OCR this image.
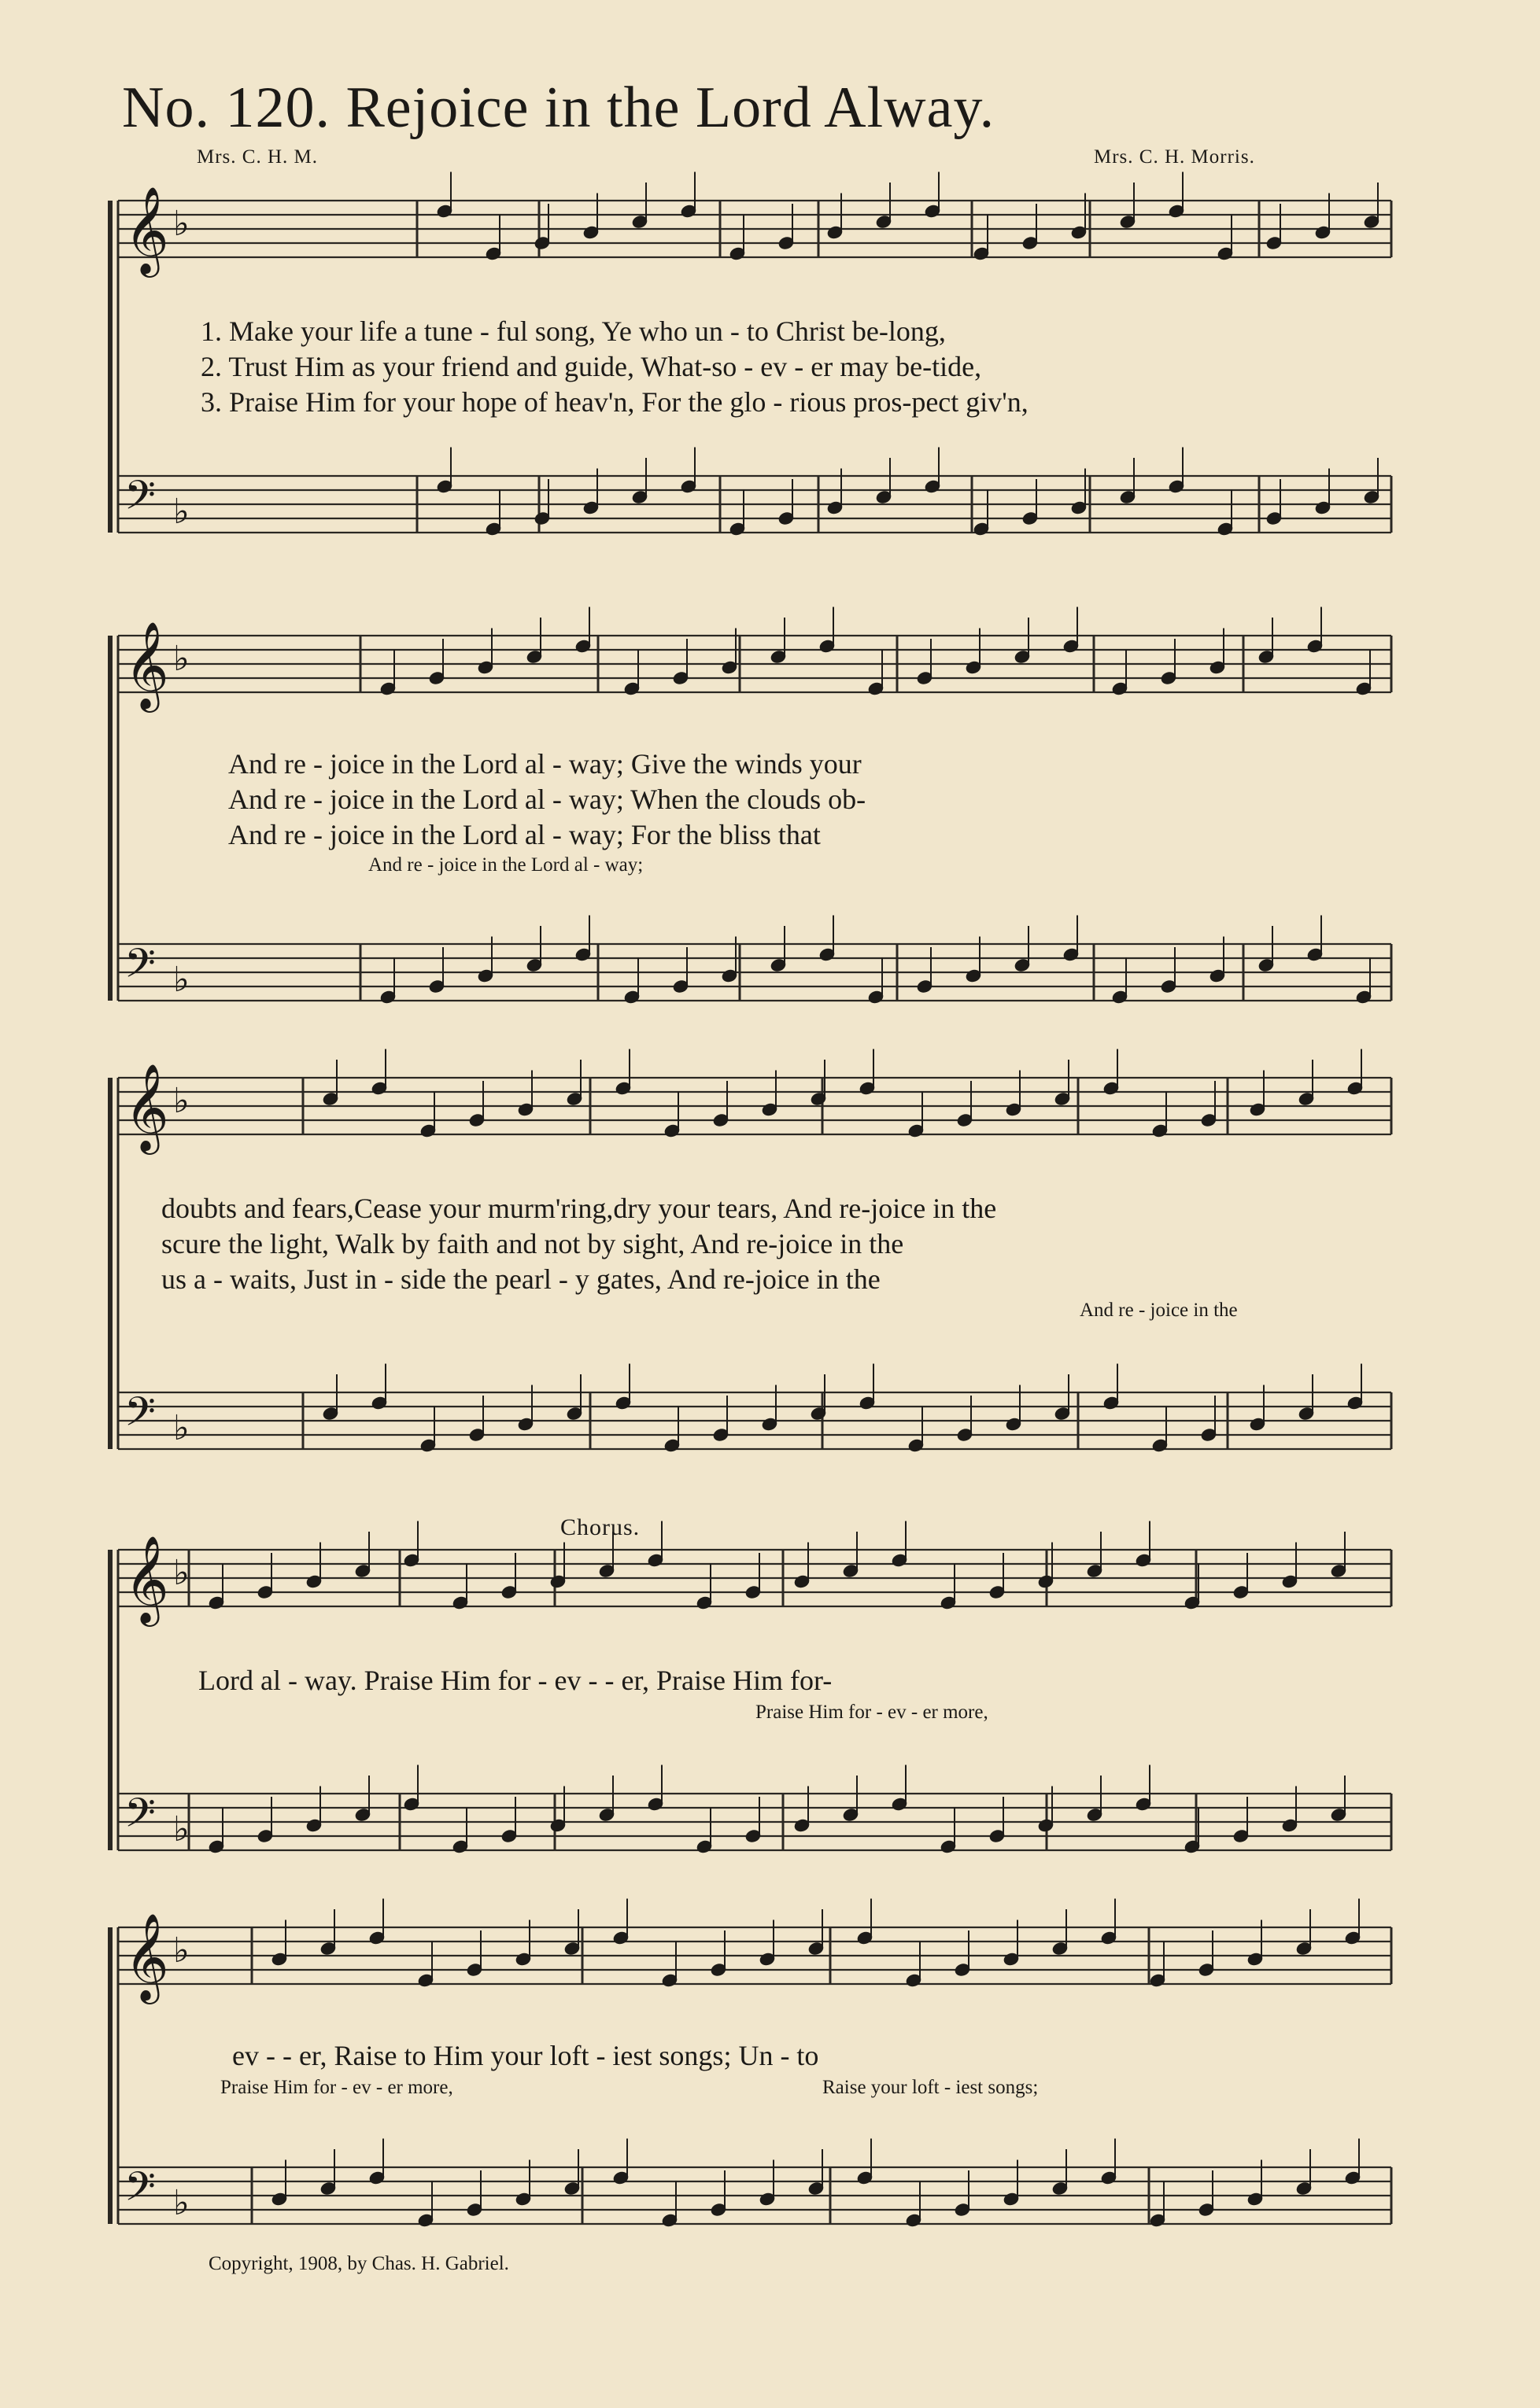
No. 120. Rejoice in the Lord Alway.
Mrs. C. H. M.	Mrs. C. H. Morris.
𝄞 ♭
𝄢 ♭
𝄞 ♭
𝄢 ♭
𝄞 ♭
𝄢 ♭
𝄞 ♭
𝄢 ♭
𝄞 ♭
𝄢 ♭
1. Make your life a tune - ful song, Ye who un - to Christ be-long,
2. Trust Him as your friend and guide, What-so - ev - er may be-tide,
3. Praise Him for your hope of heav'n, For the glo - rious pros-pect giv'n,
And re - joice in the Lord al - way; Give the winds your
And re - joice in the Lord al - way; When the clouds ob-
And re - joice in the Lord al - way; For the bliss that
And re - joice in the Lord al - way;
doubts and fears,Cease your murm'ring,dry your tears, And re-joice in the
scure the light, Walk by faith and not by sight, And re-joice in the
us a - waits, Just in - side the pearl - y gates, And re-joice in the
And re - joice in the
Chorus.
Lord al - way. Praise Him for - ev - - er, Praise Him for-
Praise Him for - ev - er more,
ev - - er, Raise to Him your loft - iest songs; Un - to
Praise Him for - ev - er more,	Raise your loft - iest songs;
Copyright, 1908, by Chas. H. Gabriel.
